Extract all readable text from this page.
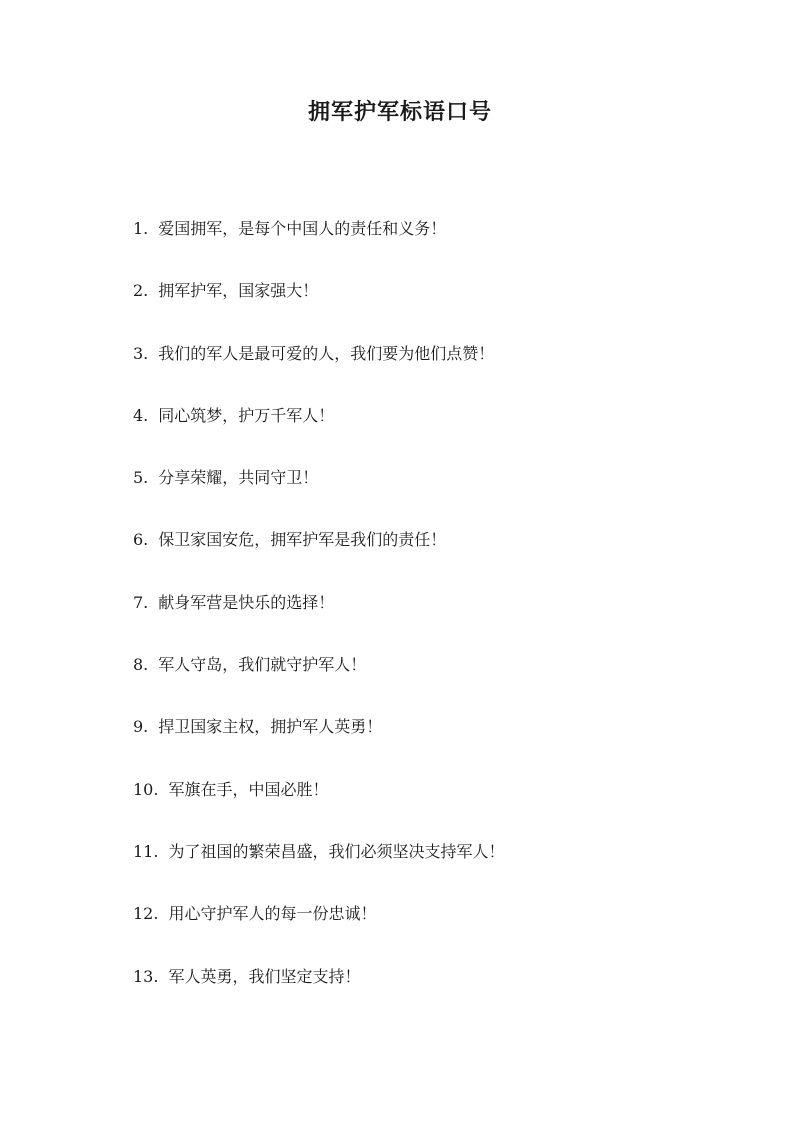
拥军护军标语口号
1. 爱国拥军，是每个中国人的责任和义务！
2. 拥军护军，国家强大！
3. 我们的军人是最可爱的人，我们要为他们点赞！
4. 同心筑梦，护万千军人！
5. 分享荣耀，共同守卫！
6. 保卫家国安危，拥军护军是我们的责任！
7. 献身军营是快乐的选择！
8. 军人守岛，我们就守护军人！
9. 捍卫国家主权，拥护军人英勇！
10. 军旗在手，中国必胜！
11. 为了祖国的繁荣昌盛，我们必须坚决支持军人！
12. 用心守护军人的每一份忠诚！
13. 军人英勇，我们坚定支持！
